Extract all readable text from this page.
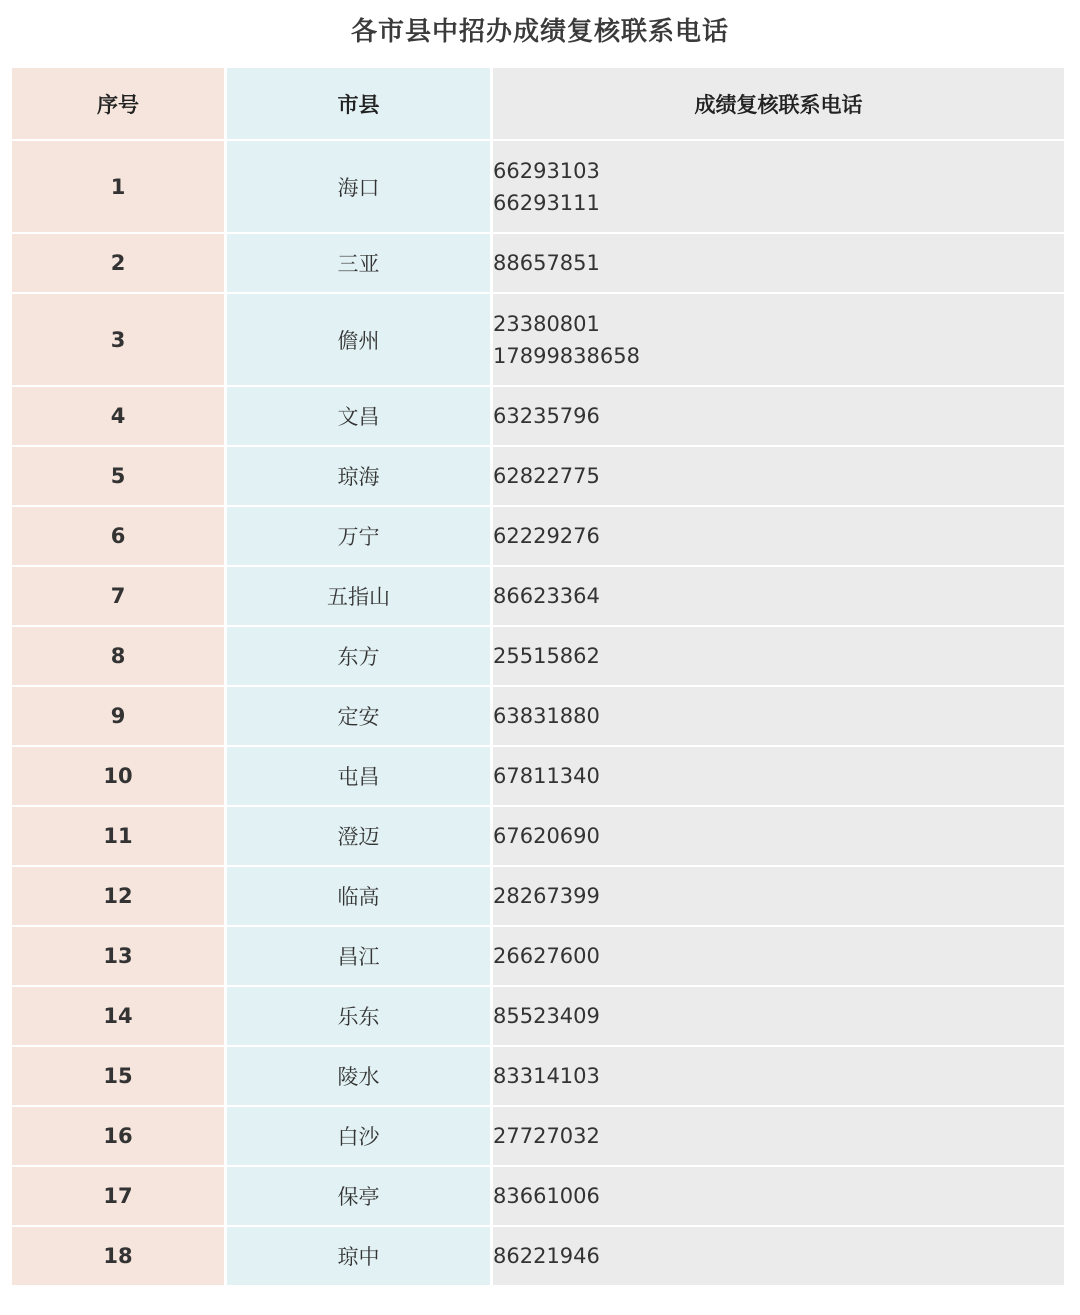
各市县中招办成绩复核联系电话
序号	市县	成绩复核联系电话
1	海口	66293103
66293111

2	三亚	88657851

3	儋州	23380801
17899838658

4	文昌	63235796

5	琼海	62822775

6	万宁	62229276

7	五指山	86623364

8	东方	25515862

9	定安	63831880

10	屯昌	67811340

11	澄迈	67620690

12	临高	28267399

13	昌江	26627600

14	乐东	85523409

15	陵水	83314103

16	白沙	27727032

17	保亭	83661006

18	琼中	86221946
